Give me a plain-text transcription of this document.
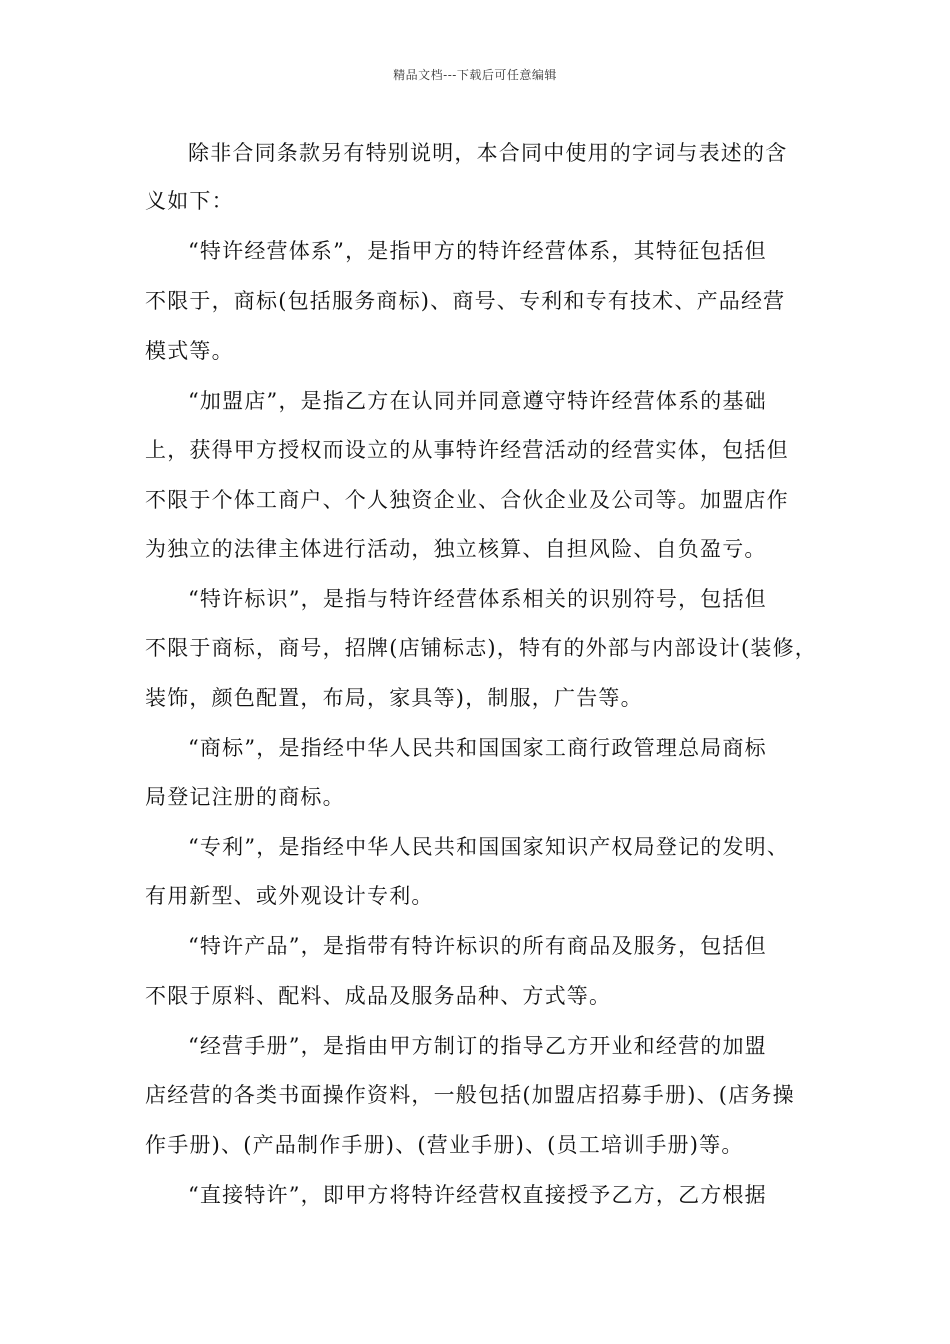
精品文档---下载后可任意编辑
除非合同条款另有特别说明，本合同中使用的字词与表述的含
义如下：
“特许经营体系”，是指甲方的特许经营体系，其特征包括但
不限于，商标(包括服务商标)、商号、专利和专有技术、产品经营
模式等。
“加盟店”，是指乙方在认同并同意遵守特许经营体系的基础
上，获得甲方授权而设立的从事特许经营活动的经营实体，包括但
不限于个体工商户、个人独资企业、合伙企业及公司等。加盟店作
为独立的法律主体进行活动，独立核算、自担风险、自负盈亏。
“特许标识”，是指与特许经营体系相关的识别符号，包括但
不限于商标，商号，招牌(店铺标志)，特有的外部与内部设计(装修，
装饰，颜色配置，布局，家具等)，制服，广告等。
“商标”，是指经中华人民共和国国家工商行政管理总局商标
局登记注册的商标。
“专利”，是指经中华人民共和国国家知识产权局登记的发明、
有用新型、或外观设计专利。
“特许产品”，是指带有特许标识的所有商品及服务，包括但
不限于原料、配料、成品及服务品种、方式等。
“经营手册”，是指由甲方制订的指导乙方开业和经营的加盟
店经营的各类书面操作资料，一般包括(加盟店招募手册)、(店务操
作手册)、(产品制作手册)、(营业手册)、(员工培训手册)等。
“直接特许”，即甲方将特许经营权直接授予乙方，乙方根据
